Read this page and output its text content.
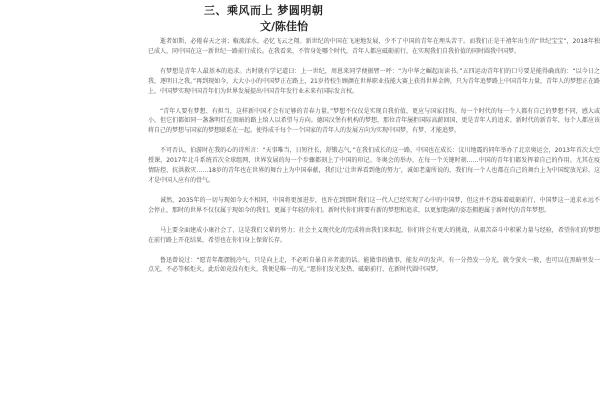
三、乘风而上 梦圆明朝
文/陈佳怡

逝者如斯，必倦春天之羽；椒流漾水，必忆飞云之翔。新世纪的中国在飞速地发展，少不了中国的青年在埋头苦干。而我们正是千禧年出生的“世纪宝宝”，2018年独已成人，同中国在这一新世纪一路前行成长。在我看来，不管身处哪个时代，青年人都应砥砺前行，在实现我们自我价值的同时圆我中国梦。

有梦想是青年人最基本的追求。古时就有学记道曰：上一世纪，周恩来同学便振臂一呼：“为中华之崛起而读书。”五四运动青年们的口号要是能得确真的：“以今日之我，逐明日之我。”再到现如今，大大小小的中国梦正在路上，21岁持校生顾颜在世界职业技能大赛上获得世界金牌，只为青年追梦路上中国青年力量，青年人的梦想正在路上，中国梦实现中国青年们为世界发展提出中国青年发行业未来有国际发言权。

“青年人要有梦想、有担当，这样新中国才会有足够的青春力量。”梦想不仅仅是实现自我价值，更应与国家挂钩。每一个时代的每一个人都有自己的梦想不同，感大或小，但它们都如同一盏盏明灯在黑暗的路上给人以希望与方向。德国汉堡有机构的梦想，那位青年屡拒国际高薪回国，更是青年人的追求。新时代的新青年，每个人都应该将自己的梦想与国家的梦想联系在一起。使得成千每个一个国家的青年人的发展方向为实现中国梦，有梦、才能追梦。

不可否认，伯游时在我的心的诗所言：“天事唯当，日短往长，舒锻志气，”在我们成长的这一路，中国也在成长：汶川地震的同年举办了北京奥运会，2013年首次太空授课，2017年北斗系统首次全球组网，世界发展的每一个步骤都刻上了中国的印记。冬奥会的举办，在每一个关键时刻……中国的青年们都发挥着自己的作用。尤其在疫情防控、抗洪救灾……18岁的青年也在世界的舞台上为中国奉献，我们让‘让世界看到他的努力’，诚如老蒲所说的，我们每一个人也都在自己的舞台上为中国绽放光彩，这才是中国人应有的骨气。

诚然，2035年的一切与现如今大不相同，中国将更加进步，也许在到那时我们这一代人已经实现了心中的中国梦，但这并不意味着砥砺前行，中国梦这一追求永远不会停止，那时的世界不仅仅属于现如今的我们，更属于年轻的你们。新时代你们将要有新的梦想和追求，以更加饱满的姿态拥抱属于新时代的青年梦想。

马上要全面建成小康社会了，这是我们父辈的努力；社会主义现代化的完成将由我们来担起，你们将会有更大的挑战，从艰苦奋斗中积累力量与经验，希望你们的梦想在前行路上开花结果，希望也在你们身上保留长存。

鲁迅曾说过：“愿青年都摆脱冷气，只是向上走，不必听自暴自弃者流的话。能做事的做事，能发声的发声。有一分热发一分光，就令萤火一般，也可以在黑暗里发一点光，不必等候炬火。此后如竟没有炬火，我便是唯一的光。”愿你们发光发热，砥砺前行，在新时代圆中国梦。
